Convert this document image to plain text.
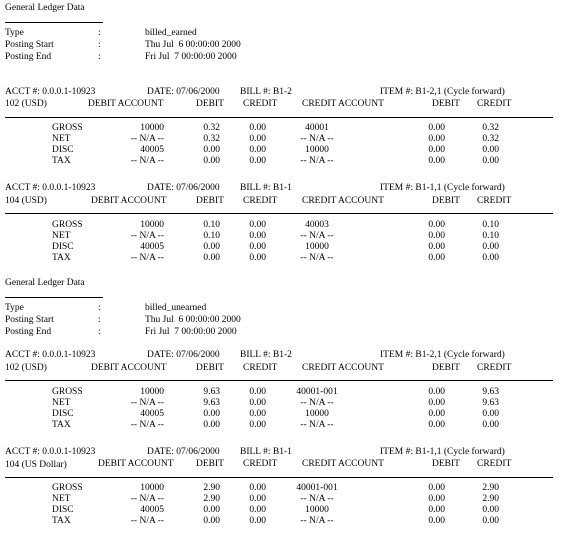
General Ledger Data
Type	:	billed_earned
Posting Start	:	Thu Jul  6 00:00:00 2000
Posting End	:	Fri Jul  7 00:00:00 2000
ACCT #: 0.0.0.1-10923	DATE: 07/06/2000 BILL #: B1-2	ITEM #: B1-2,1 (Cycle forward)
102 (USD)	DEBIT ACCOUNT	DEBIT CREDIT	CREDIT ACCOUNT	DEBIT CREDIT
GROSS	10000	0.32	0.00	40001	0.00	0.32
NET	-- N/A --	0.32	0.00	-- N/A --	0.00	0.32
DISC	40005	0.00	0.00	10000	0.00	0.00
TAX	-- N/A --	0.00	0.00	-- N/A --	0.00	0.00
ACCT #: 0.0.0.1-10923	DATE: 07/06/2000 BILL #: B1-1	ITEM #: B1-1,1 (Cycle forward)
104 (USD)	DEBIT ACCOUNT	DEBIT CREDIT	CREDIT ACCOUNT	DEBIT CREDIT
GROSS	10000	0.10	0.00	40003	0.00	0.10
NET	-- N/A --	0.10	0.00	-- N/A --	0.00	0.10
DISC	40005	0.00	0.00	10000	0.00	0.00
TAX	-- N/A --	0.00	0.00	-- N/A --	0.00	0.00
General Ledger Data
Type	:	billed_unearned
Posting Start	:	Thu Jul  6 00:00:00 2000
Posting End	:	Fri Jul  7 00:00:00 2000
ACCT #: 0.0.0.1-10923	DATE: 07/06/2000 BILL #: B1-2	ITEM #: B1-2,1 (Cycle forward)
102 (USD)	DEBIT ACCOUNT	DEBIT CREDIT	CREDIT ACCOUNT	DEBIT CREDIT
GROSS	10000	9.63	0.00	40001-001	0.00	9.63
NET	-- N/A --	9.63	0.00	-- N/A --	0.00	9.63
DISC	40005	0.00	0.00	10000	0.00	0.00
TAX	-- N/A --	0.00	0.00	-- N/A --	0.00	0.00
ACCT #: 0.0.0.1-10923	DATE: 07/06/2000 BILL #: B1-1	ITEM #: B1-1,1 (Cycle forward)
104 (US Dollar)	DEBIT ACCOUNT DEBIT CREDIT	CREDIT ACCOUNT	DEBIT CREDIT
GROSS	10000	2.90	0.00	40001-001	0.00	2.90
NET	-- N/A --	2.90	0.00	-- N/A --	0.00	2.90
DISC	40005	0.00	0.00	10000	0.00	0.00
TAX	-- N/A --	0.00	0.00	-- N/A --	0.00	0.00
